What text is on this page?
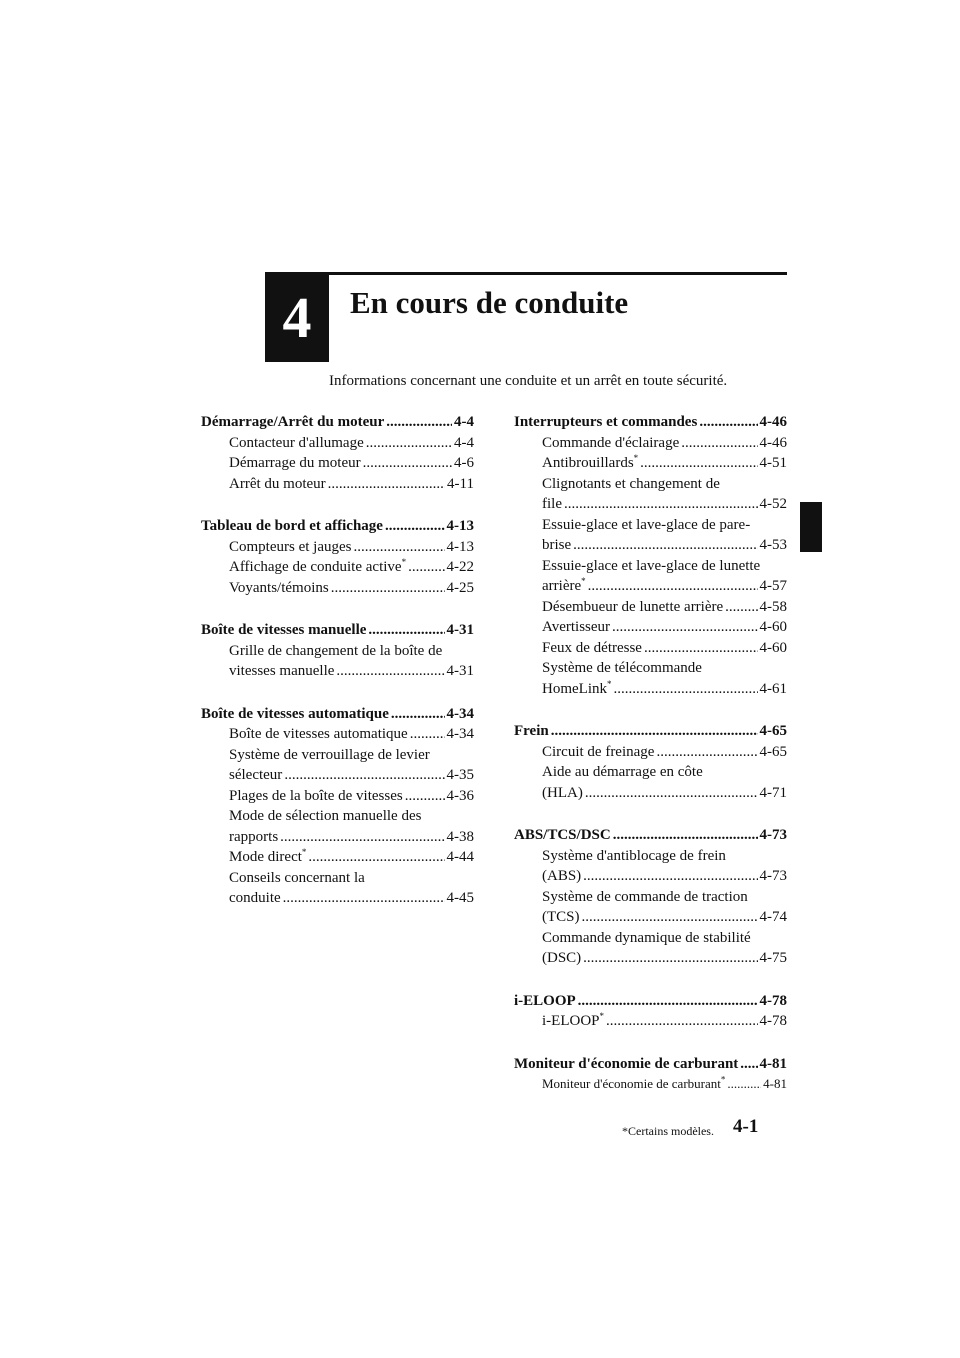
4 En cours de conduite
Informations concernant une conduite et un arrêt en toute sécurité.
Démarrage/Arrêt du moteur .....	4-4
Contacteur d'allumage .....	4-4
Démarrage du moteur .....	4-6
Arrêt du moteur .....	4-11
Tableau de bord et affichage .....	4-13
Compteurs et jauges .....	4-13
Affichage de conduite active* .....	4-22
Voyants/témoins .....	4-25
Boîte de vitesses manuelle .....	4-31
Grille de changement de la boîte de
vitesses manuelle .....	4-31
Boîte de vitesses automatique .....	4-34
Boîte de vitesses automatique .....	4-34
Système de verrouillage de levier
sélecteur .....	4-35
Plages de la boîte de vitesses .....	4-36
Mode de sélection manuelle des
rapports .....	4-38
Mode direct* .....	4-44
Conseils concernant la
conduite .....	4-45
Interrupteurs et commandes .....	4-46
Commande d'éclairage .....	4-46
Antibrouillards* .....	4-51
Clignotants et changement de
file .....	4-52
Essuie-glace et lave-glace de pare-
brise .....	4-53
Essuie-glace et lave-glace de lunette
arrière* .....	4-57
Désembueur de lunette arrière ..... 4-58
Avertisseur .....	4-60
Feux de détresse .....	4-60
Système de télécommande
HomeLink* .....	4-61
Frein .....	4-65
Circuit de freinage .....	4-65
Aide au démarrage en côte
(HLA) .....	4-71
ABS/TCS/DSC .....	4-73
Système d'antiblocage de frein
(ABS) .....	4-73
Système de commande de traction
(TCS) .....	4-74
Commande dynamique de stabilité
(DSC) .....	4-75
i-ELOOP .....	4-78
i-ELOOP* .....	4-78
Moniteur d'économie de carburant ..... 4-81
Moniteur d'économie de carburant* .....	4-81
*Certains modèles. 4-1
